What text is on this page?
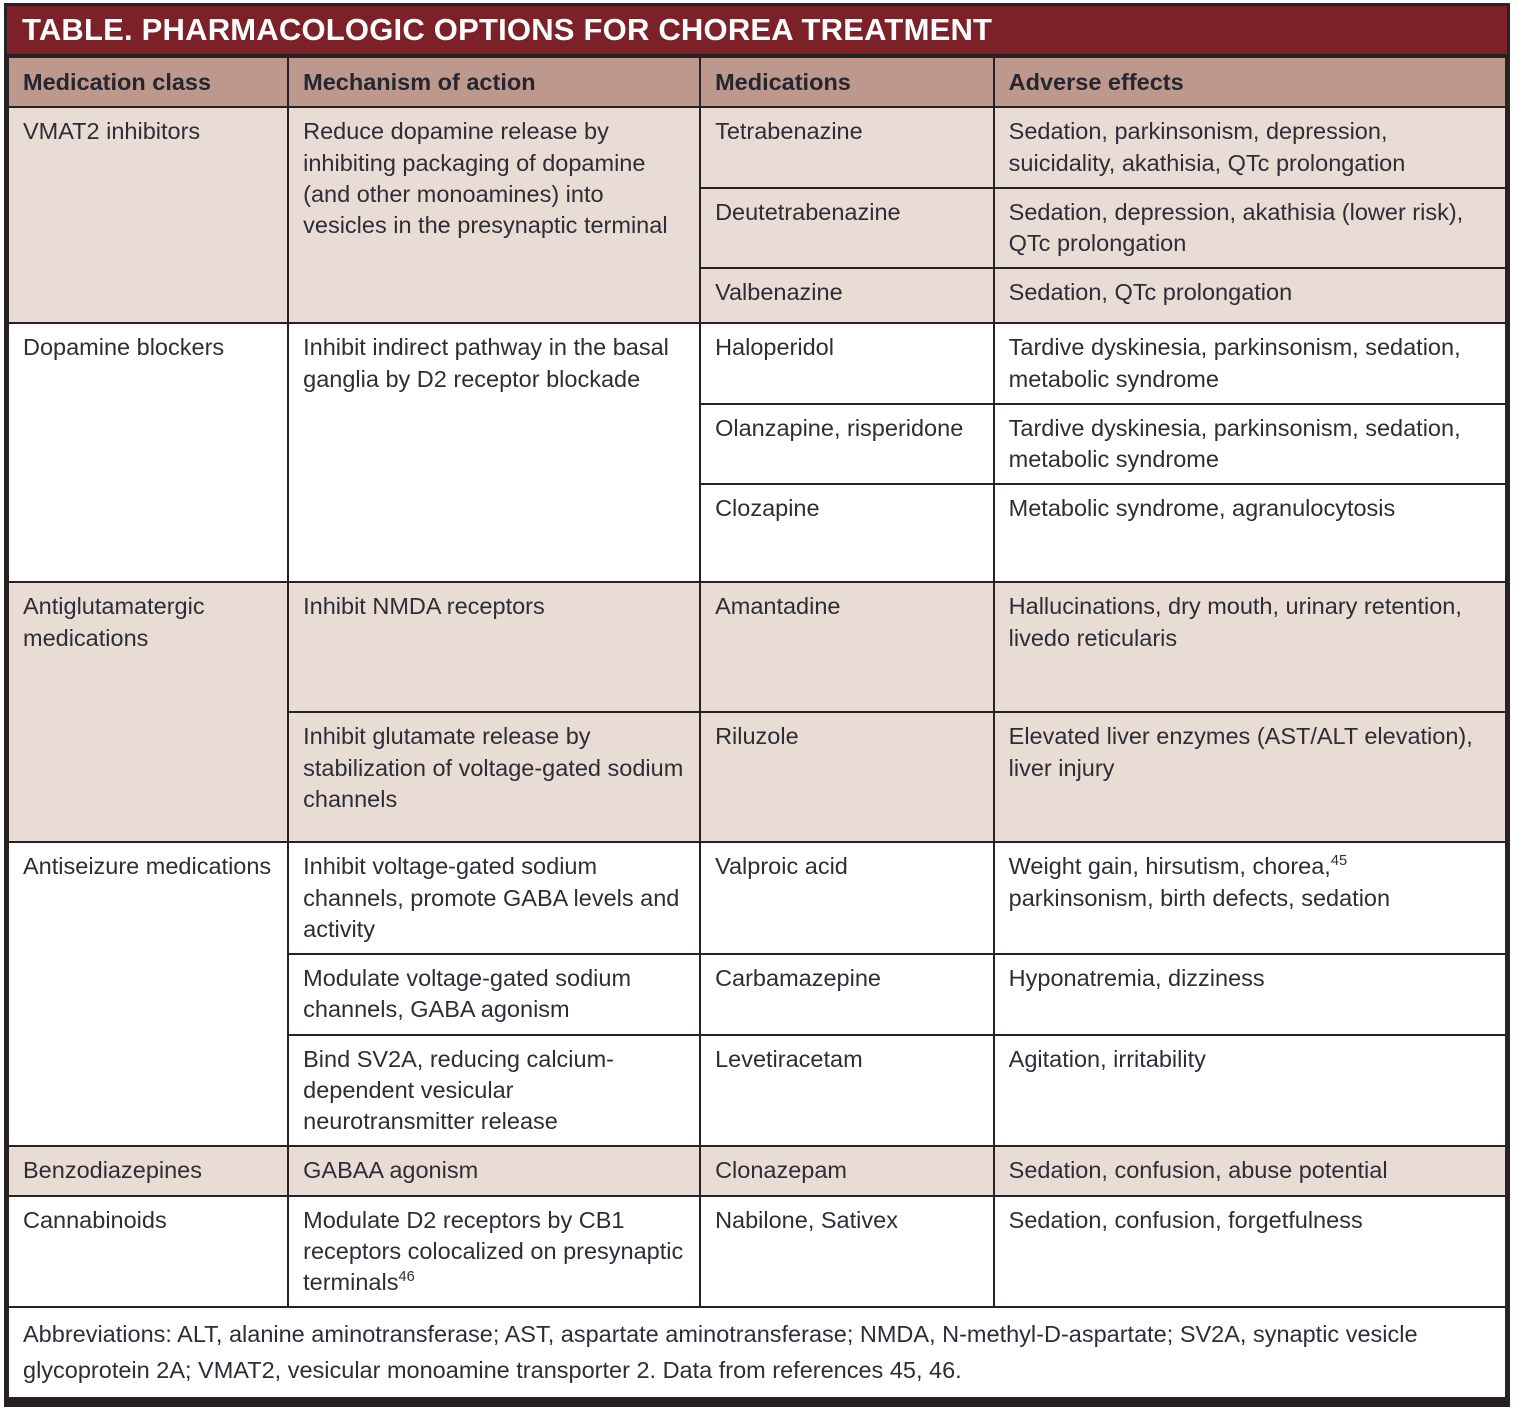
TABLE. PHARMACOLOGIC OPTIONS FOR CHOREA TREATMENT
Medication class	Mechanism of action	Medications	Adverse effects
VMAT2 inhibitors	Reduce dopamine release by inhibiting packaging of dopamine (and other monoamines) into vesicles in the presynaptic terminal	Tetrabenazine	Sedation, parkinsonism, depression, suicidality, akathisia, QTc prolongation
		Deutetrabenazine	Sedation, depression, akathisia (lower risk), QTc prolongation
		Valbenazine	Sedation, QTc prolongation
Dopamine blockers	Inhibit indirect pathway in the basal ganglia by D2 receptor blockade	Haloperidol	Tardive dyskinesia, parkinsonism, sedation, metabolic syndrome
		Olanzapine, risperidone	Tardive dyskinesia, parkinsonism, sedation, metabolic syndrome
		Clozapine	Metabolic syndrome, agranulocytosis
Antiglutamatergic medications	Inhibit NMDA receptors	Amantadine	Hallucinations, dry mouth, urinary retention, livedo reticularis
	Inhibit glutamate release by stabilization of voltage-gated sodium channels	Riluzole	Elevated liver enzymes (AST/ALT elevation), liver injury
Antiseizure medications	Inhibit voltage-gated sodium channels, promote GABA levels and activity	Valproic acid	Weight gain, hirsutism, chorea,$^{45}$ parkinsonism, birth defects, sedation
	Modulate voltage-gated sodium channels, GABA agonism	Carbamazepine	Hyponatremia, dizziness
	Bind SV2A, reducing calcium-dependent vesicular neurotransmitter release	Levetiracetam	Agitation, irritability
Benzodiazepines	GABAA agonism	Clonazepam	Sedation, confusion, abuse potential
Cannabinoids	Modulate D2 receptors by CB1 receptors colocalized on presynaptic terminals$^{46}$	Nabilone, Sativex	Sedation, confusion, forgetfulness
Abbreviations: ALT, alanine aminotransferase; AST, aspartate aminotransferase; NMDA, N-methyl-D-aspartate; SV2A, synaptic vesicle glycoprotein 2A; VMAT2, vesicular monoamine transporter 2. Data from references 45, 46.			
